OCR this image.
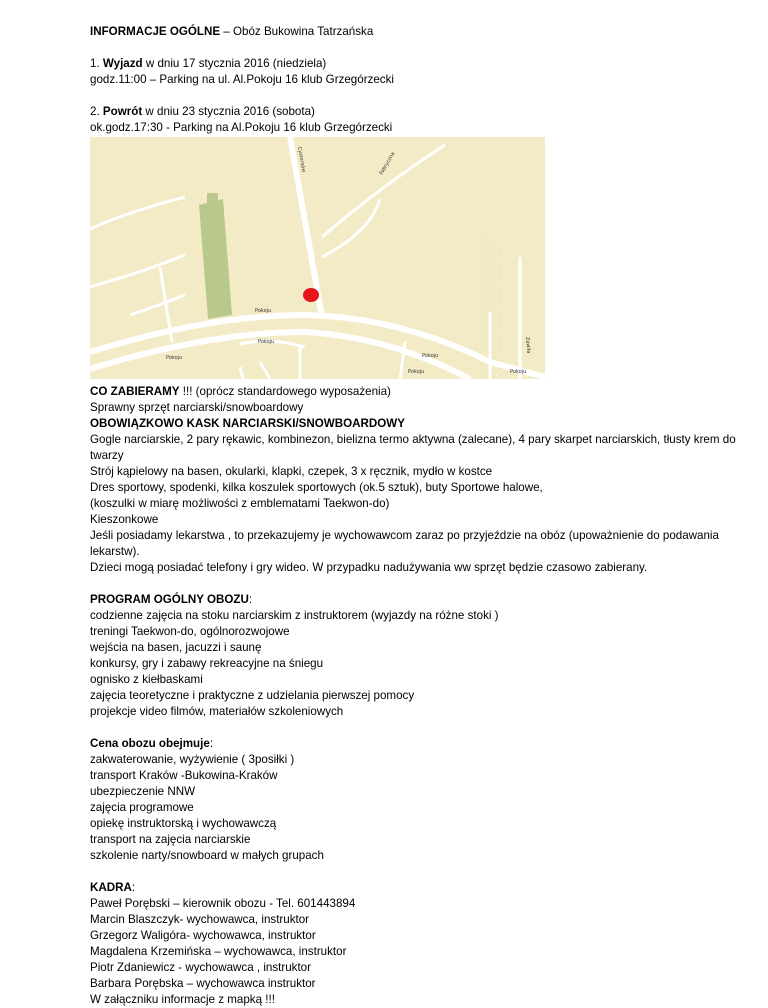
INFORMACJE OGÓLNE – Obóz Bukowina Tatrzańska
1. Wyjazd w dniu 17 stycznia 2016 (niedziela)
godz.11:00 – Parking na ul. Al.Pokoju 16 klub Grzegórzecki
2. Powrót w dniu 23 stycznia 2016 (sobota)
ok.godz.17:30 - Parking na Al.Pokoju 16 klub Grzegórzecki
Cystersów	Fabryczna
Pokoju
Pokoju
Pokoju	Pokoju
Pokoju
Zawiła
Pokoju
CO ZABIERAMY !!! (oprócz standardowego wyposażenia)
Sprawny sprzęt narciarski/snowboardowy
OBOWIĄZKOWO KASK NARCIARSKI/SNOWBOARDOWY
Gogle narciarskie, 2 pary rękawic, kombinezon, bielizna termo aktywna (zalecane), 4 pary skarpet narciarskich, tłusty krem do twarzy
Strój kąpielowy na basen, okularki, klapki, czepek, 3 x ręcznik, mydło w kostce
Dres sportowy, spodenki, kilka koszulek sportowych (ok.5 sztuk), buty Sportowe halowe,
(koszulki w miarę możliwości z emblematami Taekwon-do)
Kieszonkowe
Jeśli posiadamy lekarstwa , to przekazujemy je wychowawcom zaraz po przyjeździe na obóz (upoważnienie do podawania lekarstw).
Dzieci mogą posiadać telefony i gry wideo. W przypadku nadużywania ww sprzęt będzie czasowo zabierany.
PROGRAM OGÓLNY OBOZU:
codzienne zajęcia na stoku narciarskim z instruktorem (wyjazdy na różne stoki )
treningi Taekwon-do, ogólnorozwojowe
wejścia na basen, jacuzzi i saunę
konkursy, gry i zabawy rekreacyjne na śniegu
ognisko z kiełbaskami
zajęcia teoretyczne i praktyczne z udzielania pierwszej pomocy
projekcje video filmów, materiałów szkoleniowych
Cena obozu obejmuje:
zakwaterowanie, wyżywienie ( 3posiłki )
transport Kraków -Bukowina-Kraków
ubezpieczenie NNW
zajęcia programowe
opiekę instruktorską i wychowawczą
transport na zajęcia narciarskie
szkolenie narty/snowboard w małych grupach
KADRA:
Paweł Porębski – kierownik obozu - Tel. 601443894
Marcin Blaszczyk- wychowawca, instruktor
Grzegorz Waligóra- wychowawca, instruktor
Magdalena Krzemińska – wychowawca, instruktor
Piotr Zdaniewicz - wychowawca , instruktor
Barbara Porębska – wychowawca instruktor
W załączniku informacje z mapką !!!
